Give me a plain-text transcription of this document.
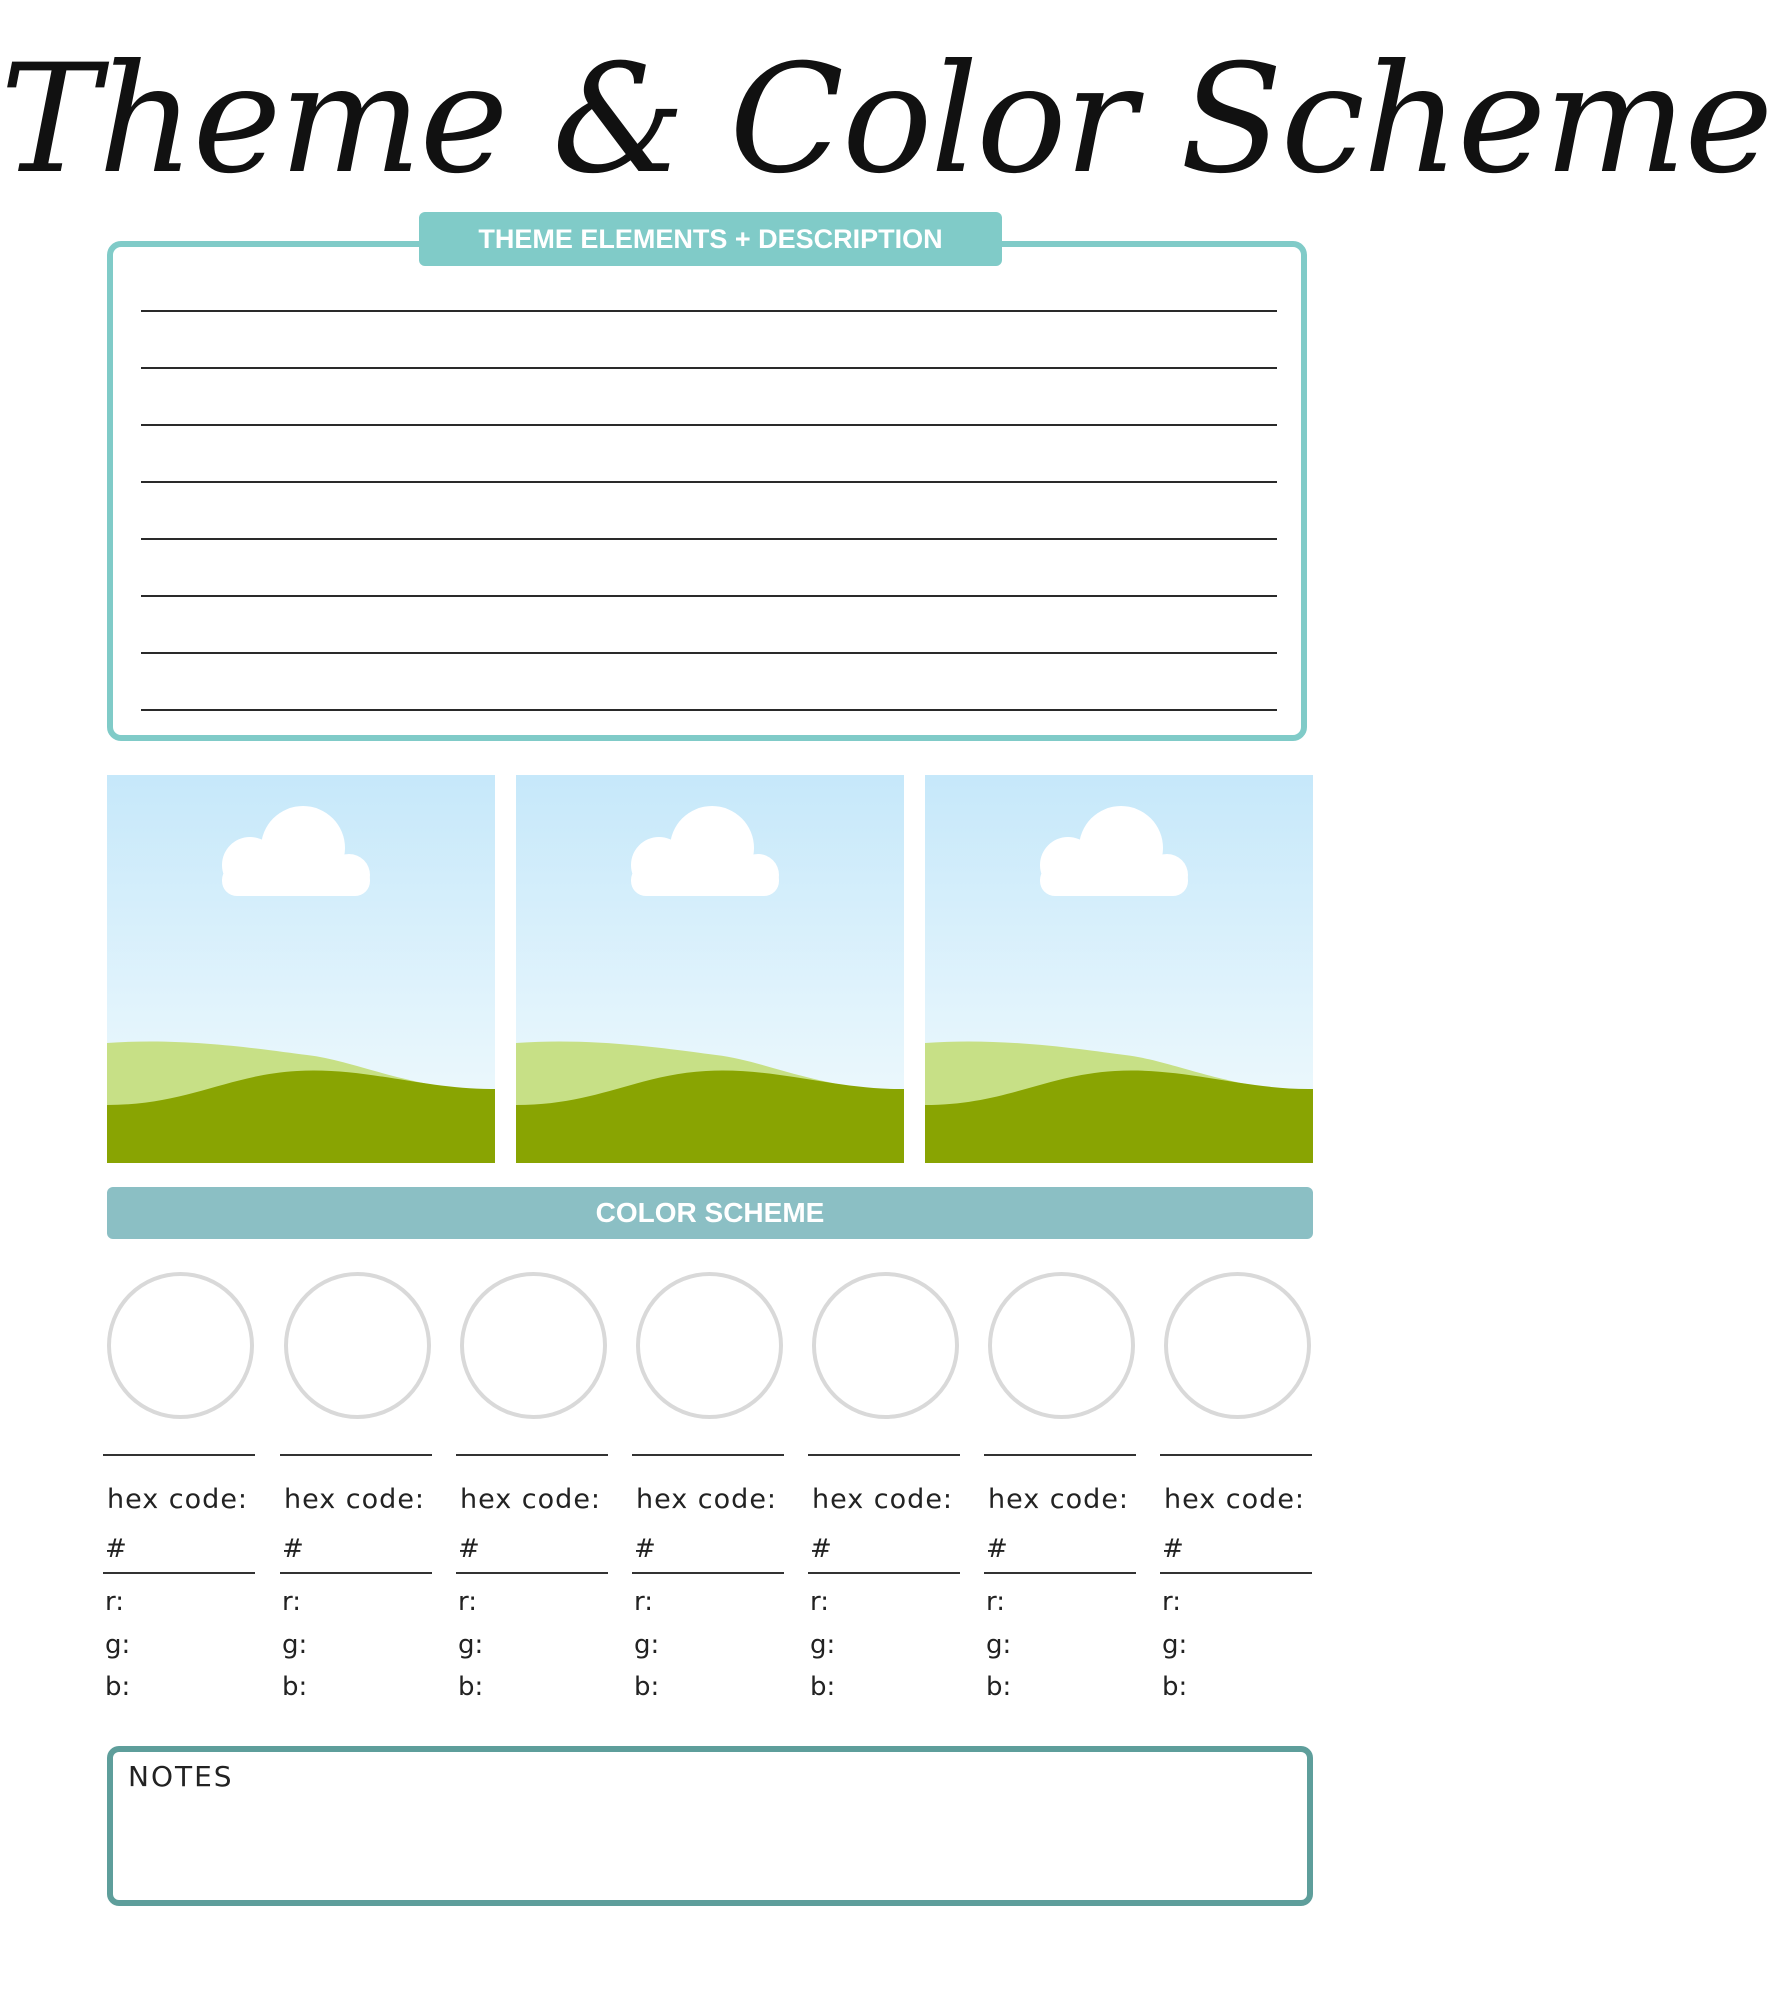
Theme & Color Scheme
THEME ELEMENTS + DESCRIPTION
COLOR SCHEME
hex code:
#
r:
g:
b:
hex code:
#
r:
g:
b:
hex code:
#
r:
g:
b:
hex code:
#
r:
g:
b:
hex code:
#
r:
g:
b:
hex code:
#
r:
g:
b:
hex code:
#
r:
g:
b:
NOTES
